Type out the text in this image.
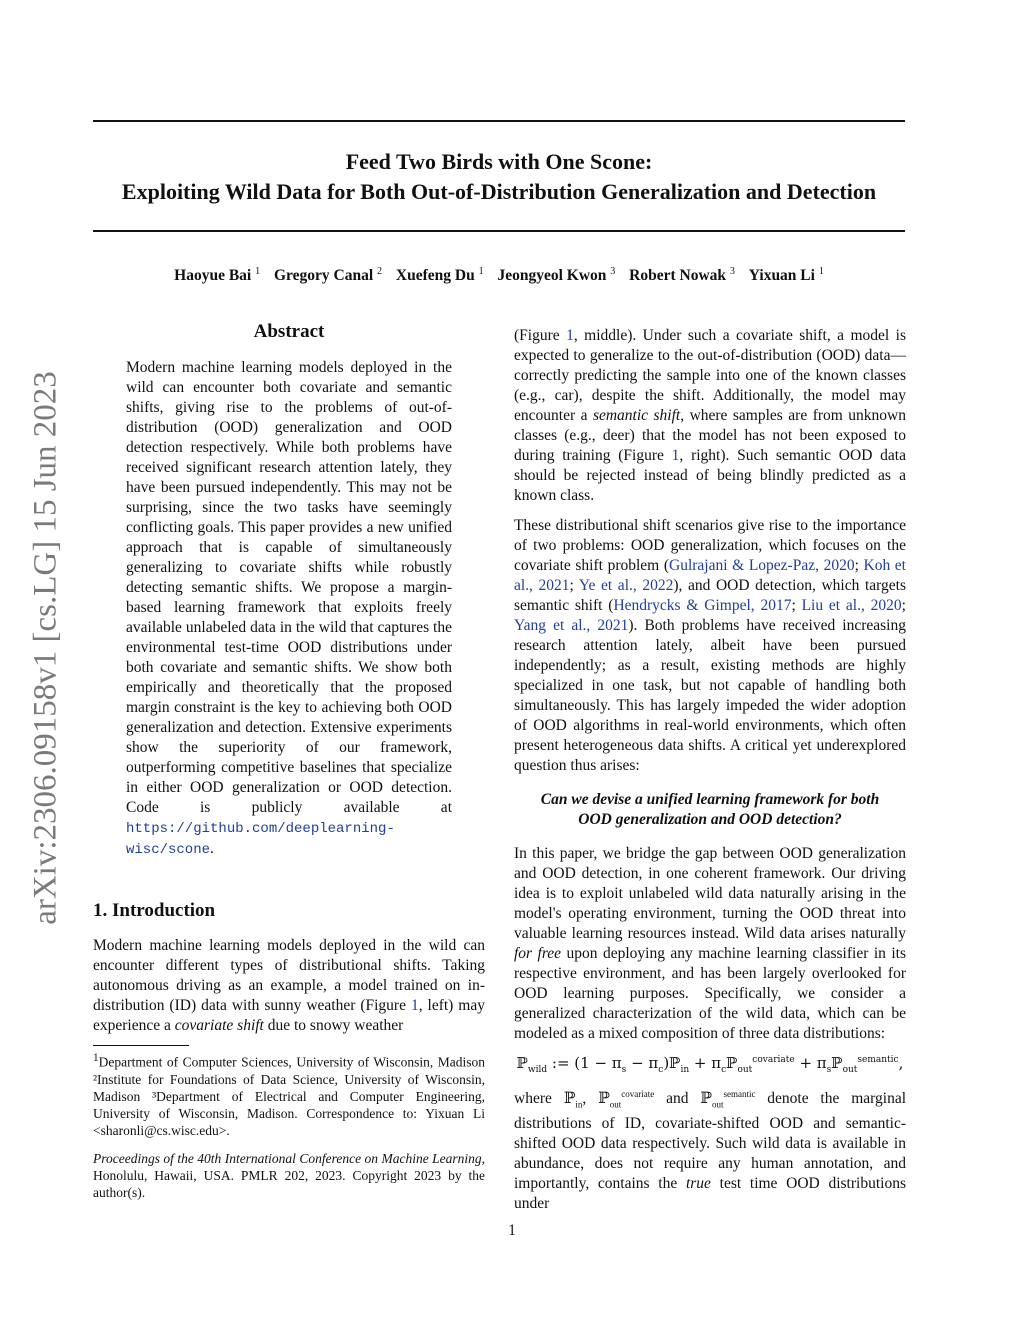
Feed Two Birds with One Scone:
Exploiting Wild Data for Both Out-of-Distribution Generalization and Detection
Haoyue Bai $^1$ Gregory Canal $^2$ Xuefeng Du $^1$ Jeongyeol Kwon $^3$ Robert Nowak $^3$ Yixuan Li $^1$
arXiv:2306.09158v1 [cs.LG] 15 Jun 2023
Abstract

Modern machine learning models deployed in the wild can encounter both covariate and semantic shifts, giving rise to the problems of out-of-distribution (OOD) generalization and OOD detection respectively. While both problems have received significant research attention lately, they have been pursued independently. This may not be surprising, since the two tasks have seemingly conflicting goals. This paper provides a new unified approach that is capable of simultaneously generalizing to covariate shifts while robustly detecting semantic shifts. We propose a margin-based learning framework that exploits freely available unlabeled data in the wild that captures the environmental test-time OOD distributions under both covariate and semantic shifts. We show both empirically and theoretically that the proposed margin constraint is the key to achieving both OOD generalization and detection. Extensive experiments show the superiority of our framework, outperforming competitive baselines that specialize in either OOD generalization or OOD detection. Code is publicly available at https://github.com/deeplearning-wisc/scone.

1. Introduction

Modern machine learning models deployed in the wild can encounter different types of distributional shifts. Taking autonomous driving as an example, a model trained on in-distribution (ID) data with sunny weather (Figure 1, left) may experience a covariate shift due to snowy weather

$^1$Department of Computer Sciences, University of Wisconsin, Madison ²Institute for Foundations of Data Science, University of Wisconsin, Madison ³Department of Electrical and Computer Engineering, University of Wisconsin, Madison. Correspondence to: Yixuan Li <sharonli@cs.wisc.edu>.

Proceedings of the 40th International Conference on Machine Learning, Honolulu, Hawaii, USA. PMLR 202, 2023. Copyright 2023 by the author(s).

(Figure 1, middle). Under such a covariate shift, a model is expected to generalize to the out-of-distribution (OOD) data—correctly predicting the sample into one of the known classes (e.g., car), despite the shift. Additionally, the model may encounter a semantic shift, where samples are from unknown classes (e.g., deer) that the model has not been exposed to during training (Figure 1, right). Such semantic OOD data should be rejected instead of being blindly predicted as a known class.

These distributional shift scenarios give rise to the importance of two problems: OOD generalization, which focuses on the covariate shift problem (Gulrajani & Lopez-Paz, 2020; Koh et al., 2021; Ye et al., 2022), and OOD detection, which targets semantic shift (Hendrycks & Gimpel, 2017; Liu et al., 2020; Yang et al., 2021). Both problems have received increasing research attention lately, albeit have been pursued independently; as a result, existing methods are highly specialized in one task, but not capable of handling both simultaneously. This has largely impeded the wider adoption of OOD algorithms in real-world environments, which often present heterogeneous data shifts. A critical yet underexplored question thus arises:

Can we devise a unified learning framework for both
OOD generalization and OOD detection?

In this paper, we bridge the gap between OOD generalization and OOD detection, in one coherent framework. Our driving idea is to exploit unlabeled wild data naturally arising in the model's operating environment, turning the OOD threat into valuable learning resources instead. Wild data arises naturally for free upon deploying any machine learning classifier in its respective environment, and has been largely overlooked for OOD learning purposes. Specifically, we consider a generalized characterization of the wild data, which can be modeled as a mixed composition of three data distributions:

ℙ$_{wild}$ := ($1 - \pi_s$ − $\pi_c)ℙ_{in}$ + $\pi_cℙ_{out}^{covariate}$ + $\pi_sℙ_{out}^{semantic}$,

where ℙ$_{in}$, ℙ$_{out}^{covariate}$ and ℙ$_{out}^{semantic}$ denote the marginal distributions of ID, covariate-shifted OOD and semantic-shifted OOD data respectively. Such wild data is available in abundance, does not require any human annotation, and importantly, contains the true test time OOD distributions under

1
